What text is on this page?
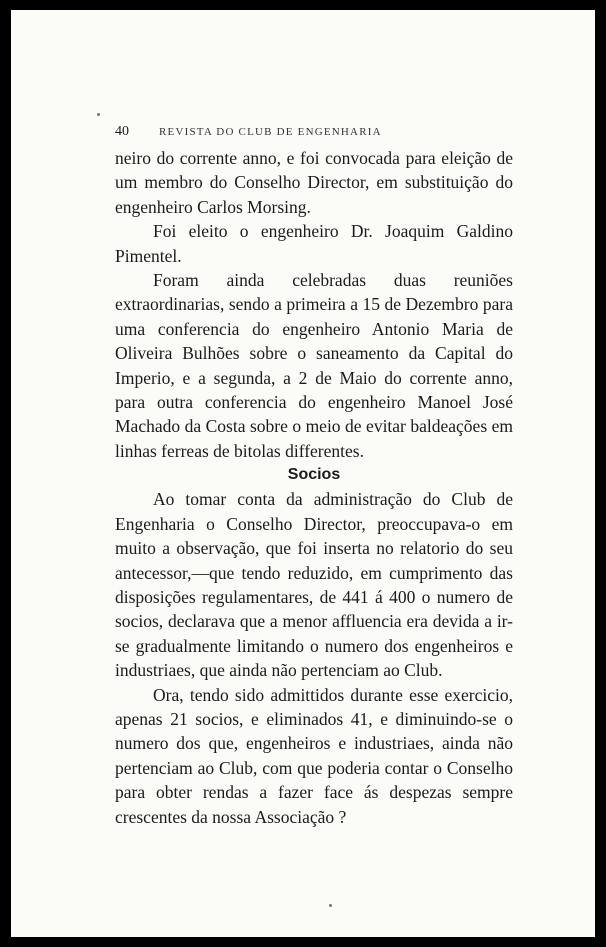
40	REVISTA DO CLUB DE ENGENHARIA

neiro do corrente anno, e foi convocada para eleição de um membro do Conselho Director, em substituição do engenheiro Carlos Morsing.

Foi eleito o engenheiro Dr. Joaquim Galdino Pimentel.

Foram ainda celebradas duas reuniões extraordinarias, sendo a primeira a 15 de Dezembro para uma conferencia do engenheiro Antonio Maria de Oliveira Bulhões sobre o saneamento da Capital do Imperio, e a segunda, a 2 de Maio do corrente anno, para outra conferencia do engenheiro Manoel José Machado da Costa sobre o meio de evitar baldeações em linhas ferreas de bitolas differentes.

Socios

Ao tomar conta da administração do Club de Engenharia o Conselho Director, preoccupava-o em muito a observação, que foi inserta no relatorio do seu antecessor,—que tendo reduzido, em cumprimento das disposições regulamentares, de 441 á 400 o numero de socios, declarava que a menor affluencia era devida a ir-se gradualmente limitando o numero dos engenheiros e industriaes, que ainda não pertenciam ao Club.

Ora, tendo sido admittidos durante esse exercicio, apenas 21 socios, e eliminados 41, e diminuindo-se o numero dos que, engenheiros e industriaes, ainda não pertenciam ao Club, com que poderia contar o Conselho para obter rendas a fazer face ás despezas sempre crescentes da nossa Associação ?
